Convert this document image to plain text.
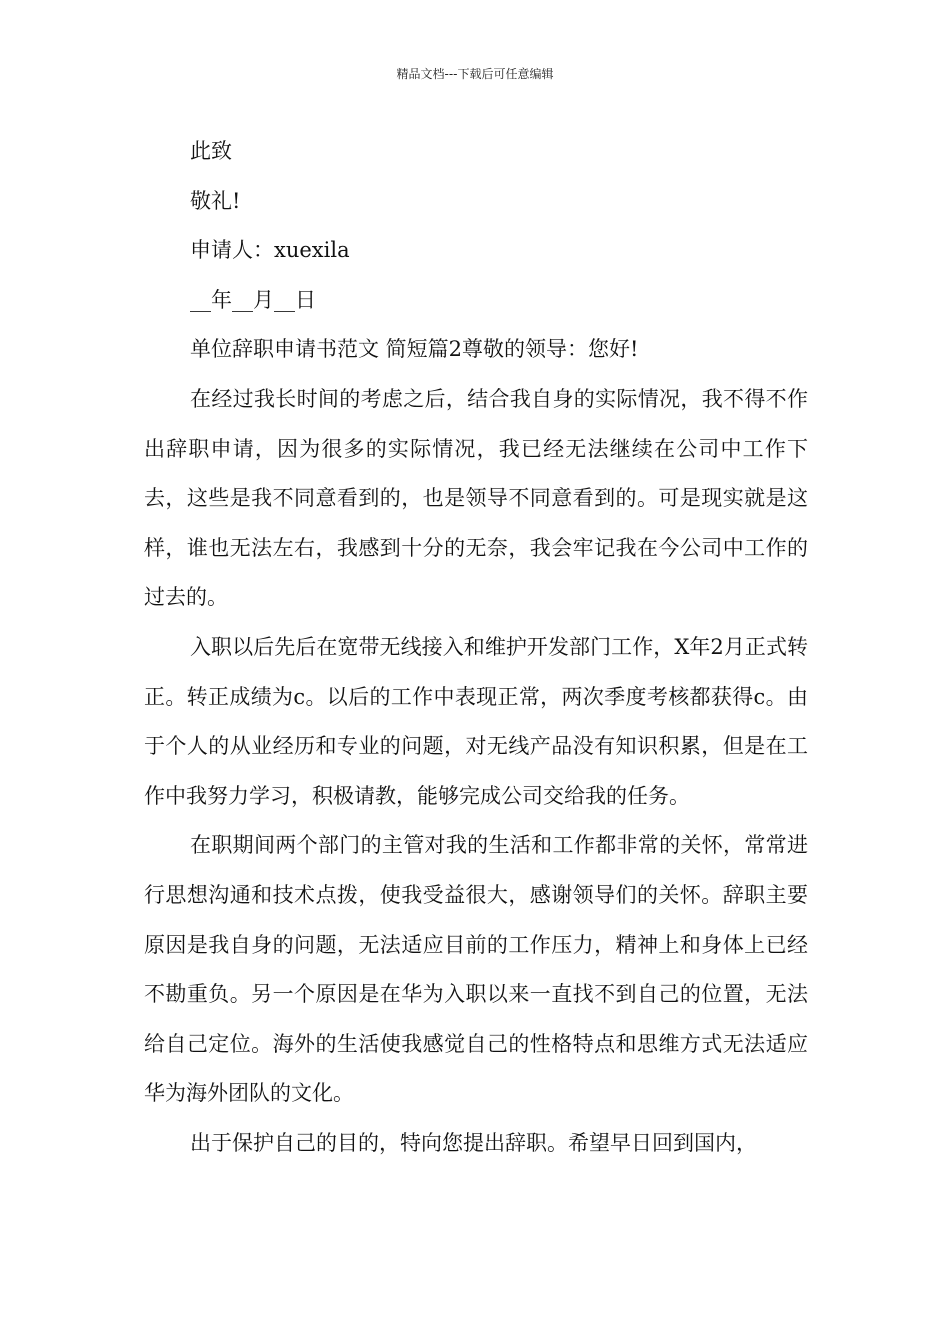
精品文档---下载后可任意编辑
此致
敬礼!
申请人：xuexila
__年__月__日
单位辞职申请书范文 简短篇2尊敬的领导：您好!

在经过我长时间的考虑之后，结合我自身的实际情况，我不得不作出辞职申请，因为很多的实际情况，我已经无法继续在公司中工作下去，这些是我不同意看到的，也是领导不同意看到的。可是现实就是这样，谁也无法左右，我感到十分的无奈，我会牢记我在今公司中工作的过去的。

入职以后先后在宽带无线接入和维护开发部门工作，X年2月正式转正。转正成绩为c。以后的工作中表现正常，两次季度考核都获得c。由于个人的从业经历和专业的问题，对无线产品没有知识积累，但是在工作中我努力学习，积极请教，能够完成公司交给我的任务。

在职期间两个部门的主管对我的生活和工作都非常的关怀，常常进行思想沟通和技术点拨，使我受益很大，感谢领导们的关怀。辞职主要原因是我自身的问题，无法适应目前的工作压力，精神上和身体上已经不勘重负。另一个原因是在华为入职以来一直找不到自己的位置，无法给自己定位。海外的生活使我感觉自己的性格特点和思维方式无法适应华为海外团队的文化。

出于保护自己的目的，特向您提出辞职。希望早日回到国内，
